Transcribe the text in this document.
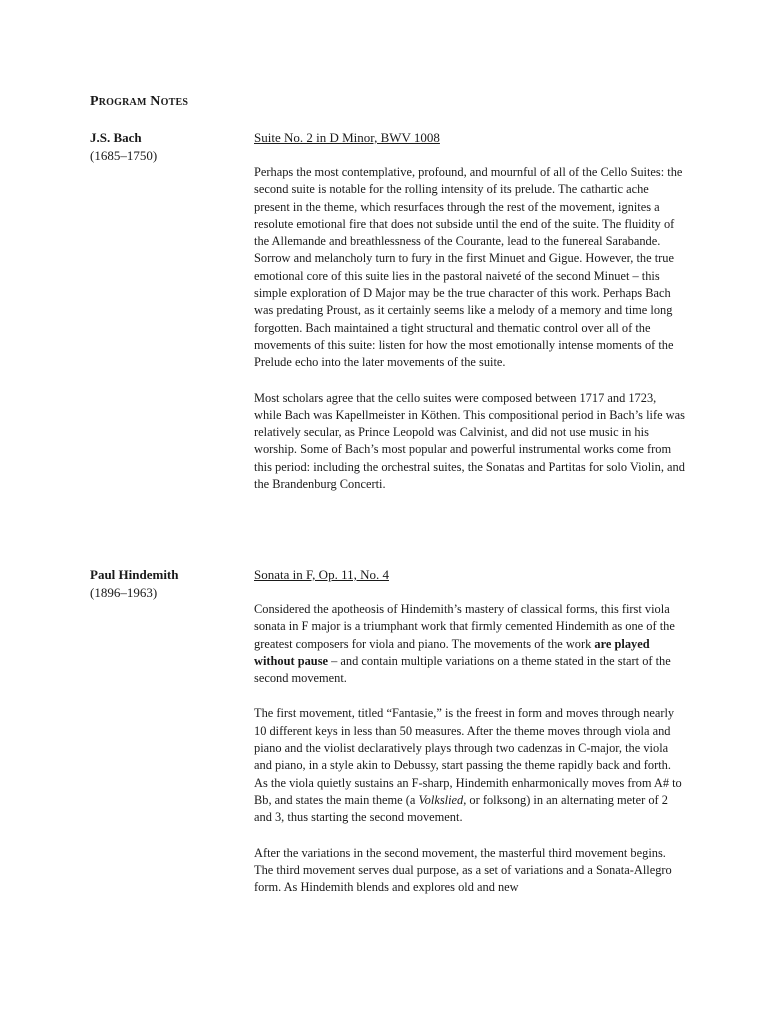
Program Notes
J.S. Bach
(1685–1750)

Suite No. 2 in D Minor, BWV 1008

Perhaps the most contemplative, profound, and mournful of all of the Cello Suites: the second suite is notable for the rolling intensity of its prelude. The cathartic ache present in the theme, which resurfaces through the rest of the movement, ignites a resolute emotional fire that does not subside until the end of the suite. The fluidity of the Allemande and breathlessness of the Courante, lead to the funereal Sarabande. Sorrow and melancholy turn to fury in the first Minuet and Gigue. However, the true emotional core of this suite lies in the pastoral naiveté of the second Minuet – this simple exploration of D Major may be the true character of this work. Perhaps Bach was predating Proust, as it certainly seems like a melody of a memory and time long forgotten. Bach maintained a tight structural and thematic control over all of the movements of this suite: listen for how the most emotionally intense moments of the Prelude echo into the later movements of the suite.

Most scholars agree that the cello suites were composed between 1717 and 1723, while Bach was Kapellmeister in Köthen. This compositional period in Bach’s life was relatively secular, as Prince Leopold was Calvinist, and did not use music in his worship. Some of Bach’s most popular and powerful instrumental works come from this period: including the orchestral suites, the Sonatas and Partitas for solo Violin, and the Brandenburg Concerti.

Paul Hindemith
(1896–1963)

Sonata in F, Op. 11, No. 4

Considered the apotheosis of Hindemith’s mastery of classical forms, this first viola sonata in F major is a triumphant work that firmly cemented Hindemith as one of the greatest composers for viola and piano. The movements of the work are played without pause – and contain multiple variations on a theme stated in the start of the second movement.

The first movement, titled “Fantasie,” is the freest in form and moves through nearly 10 different keys in less than 50 measures. After the theme moves through viola and piano and the violist declaratively plays through two cadenzas in C-major, the viola and piano, in a style akin to Debussy, start passing the theme rapidly back and forth. As the viola quietly sustains an F-sharp, Hindemith enharmonically moves from A# to Bb, and states the main theme (a Volkslied, or folksong) in an alternating meter of 2 and 3, thus starting the second movement.

After the variations in the second movement, the masterful third movement begins. The third movement serves dual purpose, as a set of variations and a Sonata-Allegro form. As Hindemith blends and explores old and new
